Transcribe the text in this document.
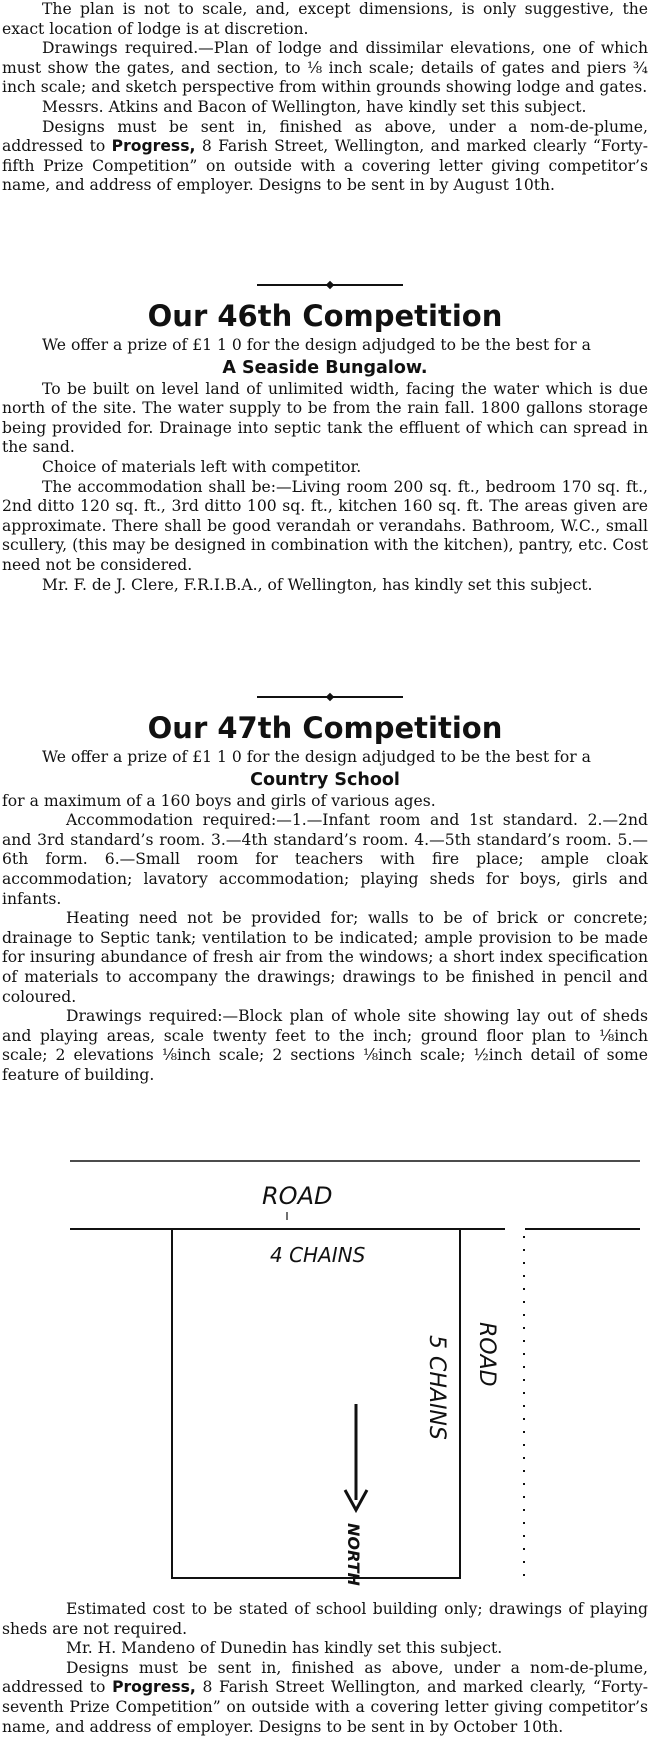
The plan is not to scale, and, except dimensions, is only suggestive, the exact location of lodge is at discretion.

Drawings required.—Plan of lodge and dissimilar elevations, one of which must show the gates, and section, to ⅛ inch scale; details of gates and piers ¾ inch scale; and sketch perspective from within grounds showing lodge and gates.

Messrs. Atkins and Bacon of Wellington, have kindly set this subject.

Designs must be sent in, finished as above, under a nom-de-plume, addressed to Progress, 8 Farish Street, Wellington, and marked clearly “Forty-fifth Prize Competition” on outside with a covering letter giving competitor’s name, and address of employer. Designs to be sent in by August 10th.

Our 46th Competition

We offer a prize of £1 1 0 for the design adjudged to be the best for a

A Seaside Bungalow.

To be built on level land of unlimited width, facing the water which is due north of the site. The water supply to be from the rain fall. 1800 gallons storage being provided for. Drainage into septic tank the effluent of which can spread in the sand.

Choice of materials left with competitor.

The accommodation shall be:—Living room 200 sq. ft., bedroom 170 sq. ft., 2nd ditto 120 sq. ft., 3rd ditto 100 sq. ft., kitchen 160 sq. ft. The areas given are approximate. There shall be good verandah or verandahs. Bathroom, W.C., small scullery, (this may be designed in combination with the kitchen), pantry, etc. Cost need not be considered.

Mr. F. de J. Clere, F.R.I.B.A., of Wellington, has kindly set this subject.

Our 47th Competition

We offer a prize of £1 1 0 for the design adjudged to be the best for a

Country School

for a maximum of a 160 boys and girls of various ages.

Accommodation required:—1.—Infant room and 1st standard. 2.—2nd and 3rd standard’s room. 3.—4th standard’s room. 4.—5th standard’s room. 5.—6th form. 6.—Small room for teachers with fire place; ample cloak accommodation; lavatory accommodation; playing sheds for boys, girls and infants.

Heating need not be provided for; walls to be of brick or concrete; drainage to Septic tank; ventilation to be indicated; ample provision to be made for insuring abundance of fresh air from the windows; a short index specification of materials to accompany the drawings; drawings to be finished in pencil and coloured.

Drawings required:—Block plan of whole site showing lay out of sheds and playing areas, scale twenty feet to the inch; ground floor plan to ⅛inch scale; 2 elevations ⅛inch scale; 2 sections ⅛inch scale; ½inch detail of some feature of building.

ROAD
4 CHAINS
5 CHAINS ROAD
NORTH

Estimated cost to be stated of school building only; drawings of playing sheds are not required.

Mr. H. Mandeno of Dunedin has kindly set this subject.

Designs must be sent in, finished as above, under a nom-de-plume, addressed to Progress, 8 Farish Street Wellington, and marked clearly, “Forty-seventh Prize Competition” on outside with a covering letter giving competitor’s name, and address of employer. Designs to be sent in by October 10th.
